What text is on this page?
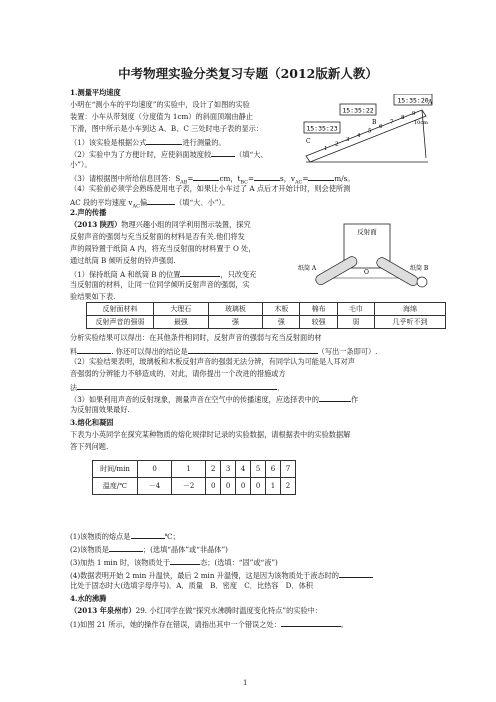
中考物理实验分类复习专题（2012版新人教）
1.测量平均速度
小明在“测小车的平均速度”的实验中，设计了如图的实验
装置：小车从带刻度（分度值为 1cm）的斜面顶端由静止
下滑，图中所示是小车到达 A、B、C 三处时电子表的显示：
（1）该实验是根据公式	进行测量的。
（2）实验中为了方便计时，应使斜面坡度较	（填“大、
小”）。
（3）请根据图中所给信息回答：$S_{AB}=$	cm，$t_{BC}=$	s，$v_{AC}=$	m/s。
（4）实验前必须学会熟练使用电子表，如果让小车过了 A 点后才开始计时，则会使所测
AC 段的平均速度 $v_{AC}$偏	（填“大、小”）。
15:35:20
15:35:22
15:35:23
A
B
C
10cm
1
2
3
4
5
6
7
8
9
2.声的传播
（2013 陕西）物理兴趣小组的同学利用图示装置，探究
反射声音的强弱与充当反射面的材料是否有关.他们将发
声的闹铃置于纸筒 A 内，将充当反射面的材料置于 O 处，
通过纸筒 B 倾听反射的铃声强弱.
（1）保持纸筒 A 和纸筒 B 的位置	，只改变充
当反射面的材料，让同一位同学倾听反射声音的强弱，实
验结果如下表.
反射面
O
纸筒 A	纸筒 B
反射面材料	大理石	玻璃板	木板	棉布	毛巾	海绵
反射声音的强弱	最强	强	强	较强	弱	几乎听不到
分析实验结果可以得出：在其他条件相同时，反射声音的强弱与充当反射面的材
料	. 你还可以得出的结论是	（写出一条即可）.
（2）实验结果表明，玻璃板和木板反射声音的强弱无法分辨，有同学认为可能是人耳对声
音强弱的分辨能力不够造成的．对此，请你提出一个改进的措施或方
法	．
（3）如果利用声音的反射现象，测量声音在空气中的传播速度，应选择表中的	作
为反射面效果最好.
3.熔化和凝固
下表为小英同学在探究某种物质的熔化规律时记录的实验数据，请根据表中的实验数据解
答下列问题.
时间/min	0	1	2	3	4	5	6	7
温度/℃	－4	－2	0	0	0	0	1	2
(1)该物质的熔点是	℃；
(2)该物质是	；(选填“晶体”或“非晶体”)
(3)加热 1 min 时，该物质处于	态；(选填：“固”或“液”)
(4)数据表明开始 2 min 升温快，最后 2 min 升温慢，这是因为该物质处于液态时的
比处于固态时大(选填字母序号)．A．质量　B．密度　C．比热容　D．体积
4.水的沸腾
（2013 年泉州市）29. 小红同学在做“探究水沸腾时温度变化特点”的实验中：
(1)如图 21 所示，她的操作存在错误，请指出其中一个错误之处：	。
1
